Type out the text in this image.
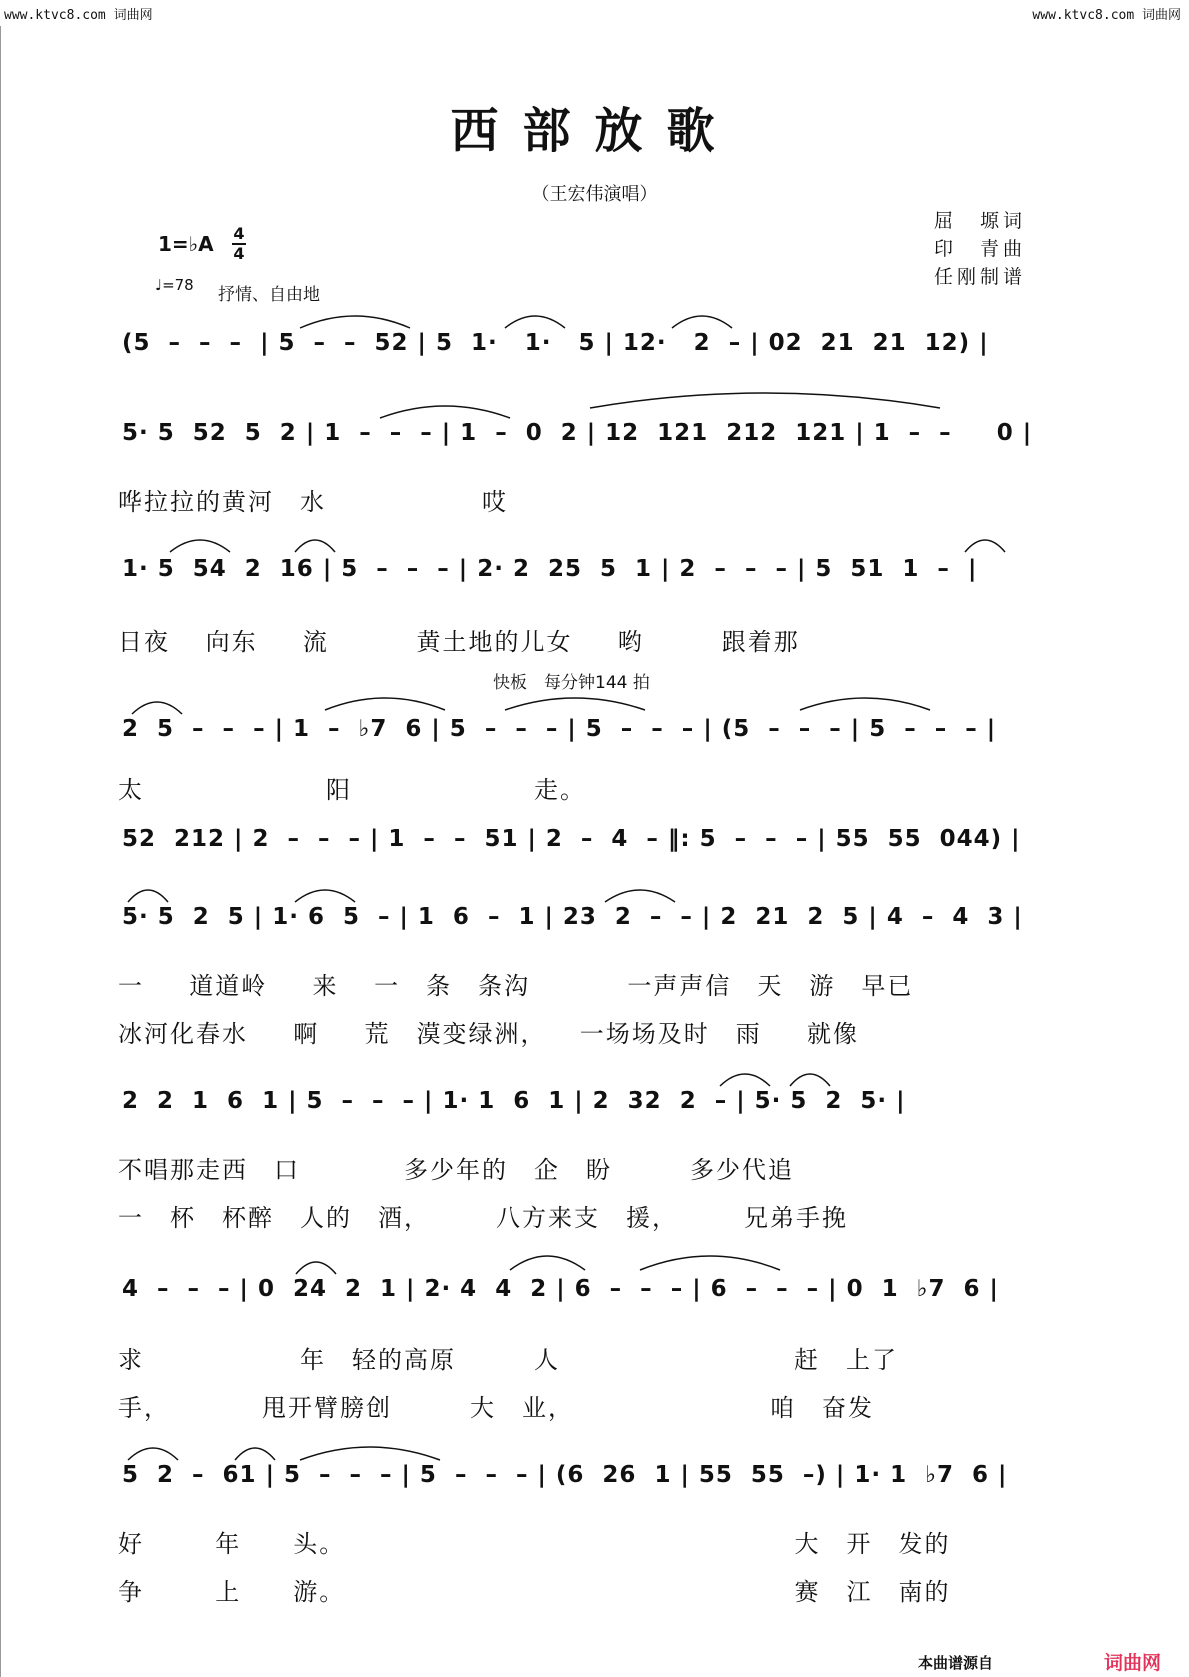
www.ktvc8.com 词曲网	www.ktvc8.com 词曲网
西部放歌
（王宏伟演唱）
屈　塬词
印　青曲
任刚制谱
1=♭A 4
4
♩=78 抒情、自由地
(5  –  –  –  | 5  –  –  52 | 5  1·   1·   5 | 12·   2  – | 02  21  21  12) |
5· 5  52  5  2 | 1  –  –  – | 1  –  0  2 | 12  121  212  121 | 1  –  –     0 |
哗拉拉的黄河　水　　　　　　哎
1· 5  54  2  16 | 5  –  –  – | 2· 2  25  5  1 | 2  –  –  – | 5  51  1  –  |
日夜　 向东　  流　　　 黄土地的儿女　  哟　　　跟着那
快板　每分钟144 拍
2  5  –  –  – | 1  –  ♭7  6 | 5  –  –  – | 5  –  –  – | (5  –  –  – | 5  –  –  – |
太　　　　　　　阳　　　　　　　走。
52  212 | 2  –  –  – | 1  –  –  51 | 2  –  4  – ‖: 5  –  –  – | 55  55  044) |
5· 5  2  5 | 1· 6  5  – | 1  6  –  1 | 23  2  –  – | 2  21  2  5 | 4  –  4  3 |
一　  道道岭　  来　 一　条　条沟　　　  一声声信　天　游　早已
冰河化春水　  啊　  荒　漠变绿洲，　  一场场及时　雨　  就像
2  2  1  6  1 | 5  –  –  – | 1· 1  6  1 | 2  32  2  – | 5· 5  2  5· |
不唱那走西　口　　　　多少年的　企　盼　　　多少代追
一　杯　杯醉　人的　酒，　　　八方来支　援，　　　兄弟手挽
4  –  –  – | 0  24  2  1 | 2· 4  4  2 | 6  –  –  – | 6  –  –  – | 0  1  ♭7  6 |
求　　　　　　年　轻的高原　　　人　　　　　　　　　赶　上了
手，　　　　甩开臂膀创　　　大　业，　　　　　　　　咱　奋发
5  2  –  61 | 5  –  –  – | 5  –  –  – | (6  26  1 | 55  55  –) | 1· 1  ♭7  6 |
好　　  年　　头。　　　　　　　　　　　　　　　　　  大　开　发的
争　　  上　　游。　　　　　　　　　　　　　　　　　  赛　江　南的
本曲谱源自	词曲网
